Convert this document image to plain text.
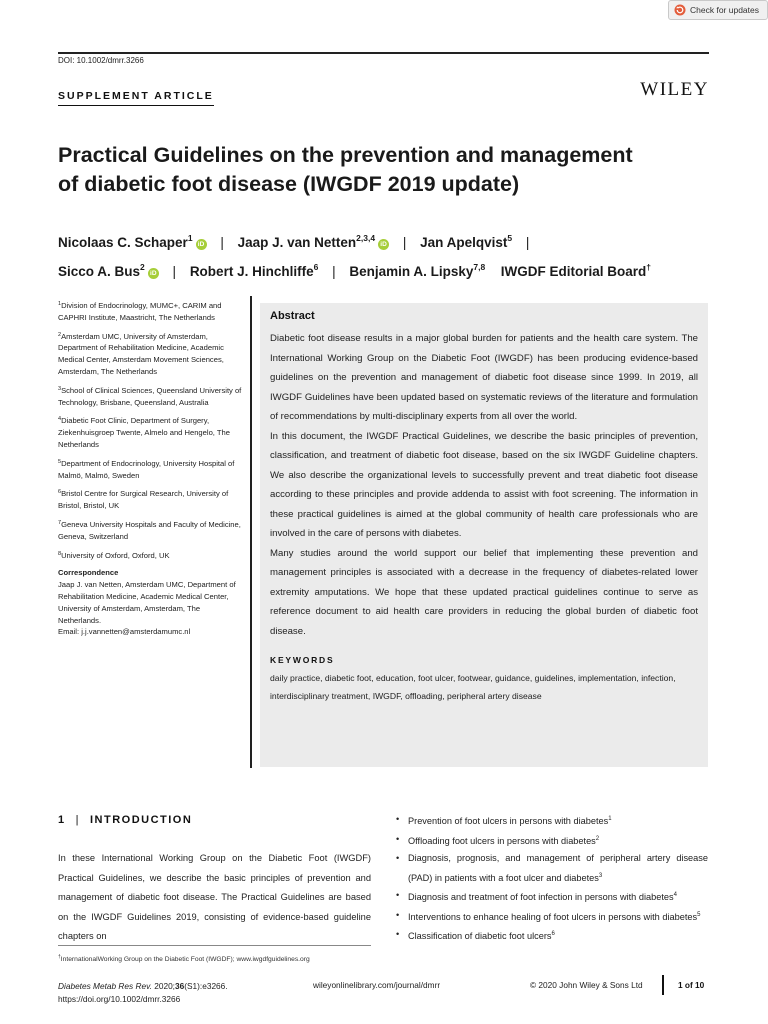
Check for updates
DOI: 10.1002/dmrr.3266
SUPPLEMENT ARTICLE	WILEY
Practical Guidelines on the prevention and management
of diabetic foot disease (IWGDF 2019 update)
Nicolaas C. Schaper$^1$iD | Jaap J. van Netten$^{2,3,4}$iD | Jan Apelqvist$^5$ |
Sicco A. Bus$^2$iD | Robert J. Hinchliffe$^6$ | Benjamin A. Lipsky$^{7,8}$ IWGDF Editorial Board†
$^1$Division of Endocrinology, MUMC+, CARIM and CAPHRI Institute, Maastricht, The Netherlands
$^2$Amsterdam UMC, University of Amsterdam, Department of Rehabilitation Medicine, Academic Medical Center, Amsterdam Movement Sciences, Amsterdam, The Netherlands
$^3$School of Clinical Sciences, Queensland University of Technology, Brisbane, Queensland, Australia
$^4$Diabetic Foot Clinic, Department of Surgery, Ziekenhuisgroep Twente, Almelo and Hengelo, The Netherlands
$^5$Department of Endocrinology, University Hospital of Malmö, Malmö, Sweden
$^6$Bristol Centre for Surgical Research, University of Bristol, Bristol, UK
$^7$Geneva University Hospitals and Faculty of Medicine, Geneva, Switzerland
$^8$University of Oxford, Oxford, UK
Correspondence
Jaap J. van Netten, Amsterdam UMC, Department of Rehabilitation Medicine, Academic Medical Center, University of Amsterdam, Amsterdam, The Netherlands.
Email: j.j.vannetten@amsterdamumc.nl
Abstract

Diabetic foot disease results in a major global burden for patients and the health care system. The International Working Group on the Diabetic Foot (IWGDF) has been producing evidence-based guidelines on the prevention and management of diabetic foot disease since 1999. In 2019, all IWGDF Guidelines have been updated based on systematic reviews of the literature and formulation of recommendations by multi-disciplinary experts from all over the world.

In this document, the IWGDF Practical Guidelines, we describe the basic principles of prevention, classification, and treatment of diabetic foot disease, based on the six IWGDF Guideline chapters. We also describe the organizational levels to successfully prevent and treat diabetic foot disease according to these principles and provide addenda to assist with foot screening. The information in these practical guidelines is aimed at the global community of health care professionals who are involved in the care of persons with diabetes.

Many studies around the world support our belief that implementing these prevention and management principles is associated with a decrease in the frequency of diabetes-related lower extremity amputations. We hope that these updated practical guidelines continue to serve as reference document to aid health care providers in reducing the global burden of diabetic foot disease.

KEYWORDS
daily practice, diabetic foot, education, foot ulcer, footwear, guidance, guidelines, implementation, infection, interdisciplinary treatment, IWGDF, offloading, peripheral artery disease
1 | INTRODUCTION

In these International Working Group on the Diabetic Foot (IWGDF) Practical Guidelines, we describe the basic principles of prevention and management of diabetic foot disease. The Practical Guidelines are based on the IWGDF Guidelines 2019, consisting of evidence-based guideline chapters on

†InternationalWorking Group on the Diabetic Foot (IWGDF); www.iwgdfguidelines.org
• Prevention of foot ulcers in persons with diabetes$^1$
• Offloading foot ulcers in persons with diabetes$^2$
• Diagnosis, prognosis, and management of peripheral artery disease (PAD) in patients with a foot ulcer and diabetes$^3$
• Diagnosis and treatment of foot infection in persons with diabetes$^4$
• Interventions to enhance healing of foot ulcers in persons with diabetes$^5$
• Classification of diabetic foot ulcers$^6$
Diabetes Metab Res Rev. 2020;36(S1):e3266.
https://doi.org/10.1002/dmrr.3266
wileyonlinelibrary.com/journal/dmrr	© 2020 John Wiley & Sons Ltd	1 of 10
